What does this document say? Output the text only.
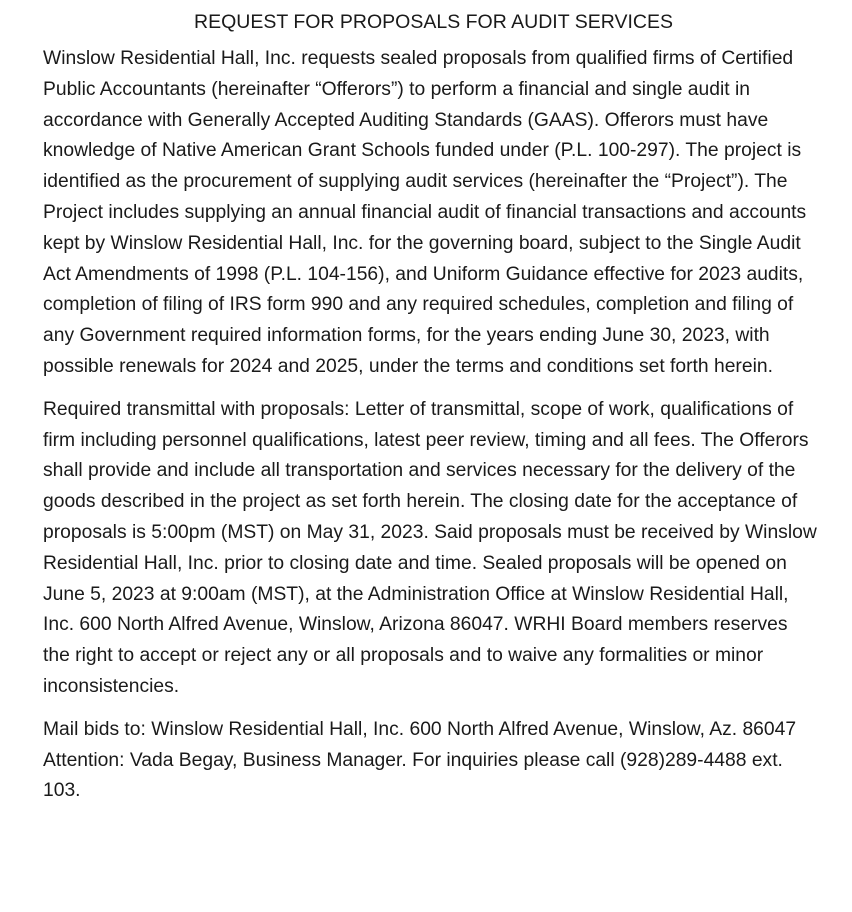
REQUEST FOR PROPOSALS FOR AUDIT SERVICES

Winslow Residential Hall, Inc. requests sealed proposals from qualified firms of Certified Public Accountants (hereinafter “Offerors”) to perform a financial and single audit in accordance with Generally Accepted Auditing Standards (GAAS). Offerors must have knowledge of Native American Grant Schools funded under (P.L. 100-297). The project is identified as the procurement of supplying audit services (hereinafter the “Project”). The Project includes supplying an annual financial audit of financial transactions and accounts kept by Winslow Residential Hall, Inc. for the governing board, subject to the Single Audit Act Amendments of 1998 (P.L. 104-156), and Uniform Guidance effective for 2023 audits, completion of filing of IRS form 990 and any required schedules, completion and filing of any Government required information forms, for the years ending June 30, 2023, with possible renewals for 2024 and 2025, under the terms and conditions set forth herein.

Required transmittal with proposals: Letter of transmittal, scope of work, qualifications of firm including personnel qualifications, latest peer review, timing and all fees. The Offerors shall provide and include all transportation and services necessary for the delivery of the goods described in the project as set forth herein. The closing date for the acceptance of proposals is 5:00pm (MST) on May 31, 2023. Said proposals must be received by Winslow Residential Hall, Inc. prior to closing date and time. Sealed proposals will be opened on June 5, 2023 at 9:00am (MST), at the Administration Office at Winslow Residential Hall, Inc. 600 North Alfred Avenue, Winslow, Arizona 86047. WRHI Board members reserves the right to accept or reject any or all proposals and to waive any formalities or minor inconsistencies.

Mail bids to: Winslow Residential Hall, Inc. 600 North Alfred Avenue, Winslow, Az. 86047 Attention: Vada Begay, Business Manager. For inquiries please call (928)289-4488 ext. 103.
